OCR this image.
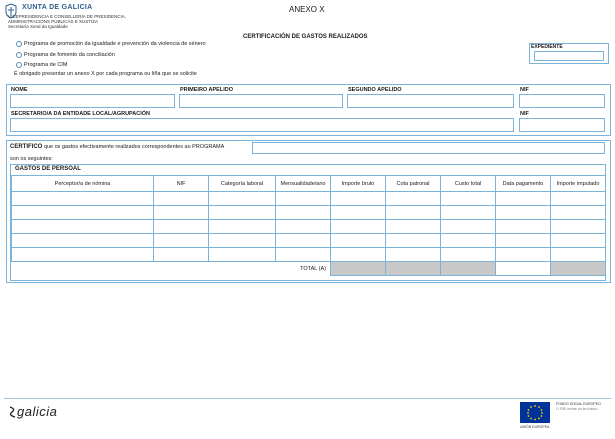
XUNTA DE GALICIA
VICEPRESIDENCIA E CONSELLERÍA DE PRESIDENCIA,
ADMINISTRACIÓNS PÚBLICAS E XUSTIZA
Secretaría Xeral da Igualdade
ANEXO X
CERTIFICACIÓN DE GASTOS REALIZADOS
EXPEDIENTE
Programa de promoción da igualdade e prevención da violencia de xénero
Programa de fomento da conciliación
Programa de CIM
É obrigado presentar un anexo X por cada programa ou liña que se solicite
NOME	PRIMEIRO APELIDO	SEGUNDO APELIDO	NIF
SECRETARIO/A DA ENTIDADE LOCAL/AGRUPACIÓN	NIF
CERTIFICO que os gastos efectivamente realizados correspondentes ao PROGRAMA
son os seguintes:
GASTOS DE PERSOAL
Perceptor/a de nómina	NIF	Categoría laboral	Mensualidade/ano	Importe bruto	Cota patronal	Custo total	Data pagamento	Importe imputado

TOTAL (A)								
galicia
UNIÓN EUROPEA
FONDO SOCIAL EUROPEO
O FSE invirte no teu futuro
